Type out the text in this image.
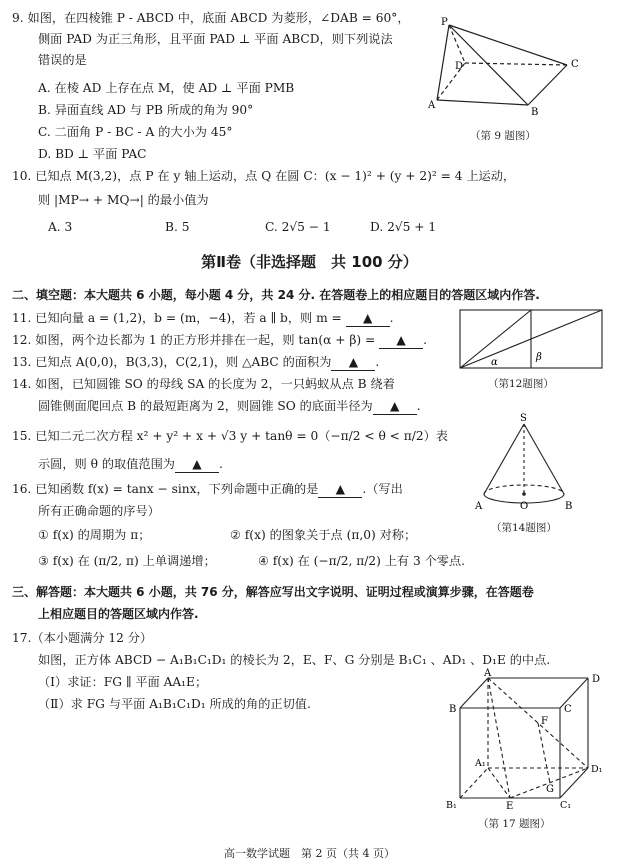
9. 如图，在四棱锥 P - ABCD 中，底面 ABCD 为菱形，∠DAB = 60°，
侧面 PAD 为正三角形，且平面 PAD ⊥ 平面 ABCD，则下列说法
错误的是
A. 在棱 AD 上存在点 M，使 AD ⊥ 平面 PMB
B. 异面直线 AD 与 PB 所成的角为 90°
C. 二面角 P - BC - A 的大小为 45°
D. BD ⊥ 平面 PAC
P
D	C
A
B
（第 9 题图）
10. 已知点 M(3,2)，点 P 在 y 轴上运动，点 Q 在圆 C：(x − 1)² + (y + 2)² = 4 上运动，
则 |MP→ + MQ→| 的最小值为
A. 3	B. 5	C. 2√5 − 1	D. 2√5 + 1
第Ⅱ卷（非选择题　共 100 分）
二、填空题：本大题共 6 小题，每小题 4 分，共 24 分. 在答题卷上的相应题目的答题区域内作答.
11. 已知向量 a = (1,2)，b = (m，−4)，若 a ∥ b，则 m = ▲ .
12. 如图，两个边长都为 1 的正方形并排在一起，则 tan(α + β) = ▲ .
13. 已知点 A(0,0)，B(3,3)，C(2,1)，则 △ABC 的面积为 ▲ .
14. 如图，已知圆锥 SO 的母线 SA 的长度为 2，一只蚂蚁从点 B 绕着
圆锥侧面爬回点 B 的最短距离为 2，则圆锥 SO 的底面半径为 ▲ .
α	β
（第12题图）
15. 已知二元二次方程 x² + y² + x + √3 y + tanθ = 0（−π/2 < θ < π/2）表
示圆，则 θ 的取值范围为 ▲ .
16. 已知函数 f(x) = tanx − sinx，下列命题中正确的是 ▲ .（写出
所有正确命题的序号）
① f(x) 的周期为 π；	② f(x) 的图象关于点 (π,0) 对称；
③ f(x) 在 (π/2, π) 上单调递增；	④ f(x) 在 (−π/2, π/2) 上有 3 个零点.
S
A	O	B
（第14题图）
三、解答题：本大题共 6 小题，共 76 分，解答应写出文字说明、证明过程或演算步骤，在答题卷
上相应题目的答题区域内作答.
17.（本小题满分 12 分）
如图，正方体 ABCD − A₁B₁C₁D₁ 的棱长为 2，E、F、G 分别是 B₁C₁ 、AD₁ 、D₁E 的中点.
（Ⅰ）求证：FG ∥ 平面 AA₁E；
（Ⅱ）求 FG 与平面 A₁B₁C₁D₁ 所成的角的正切值.
A
D
B	C
F
A₁
D₁
B₁	C₁
E
G
（第 17 题图）
高一数学试题　第 2 页（共 4 页）
